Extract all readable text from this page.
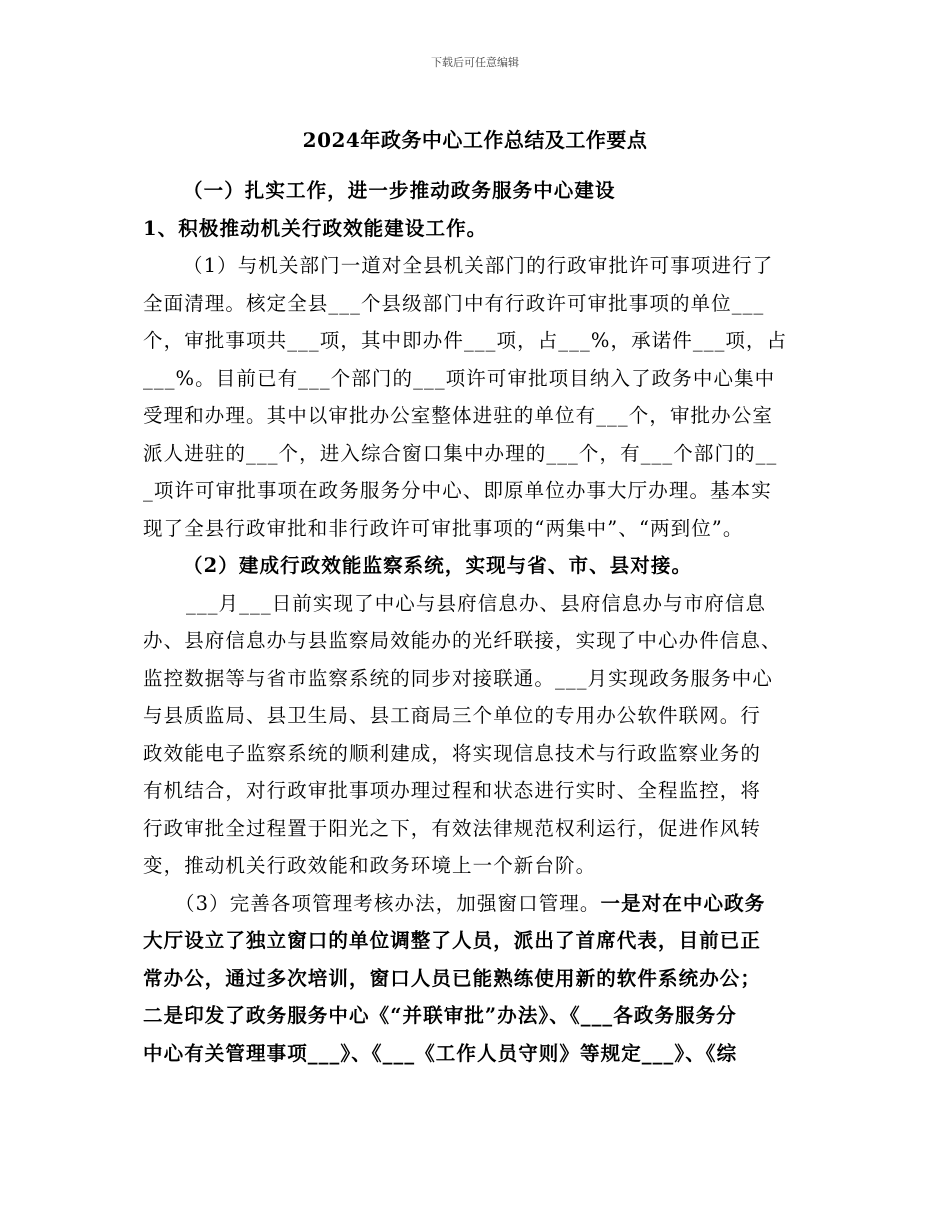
下载后可任意编辑
2024年政务中心工作总结及工作要点
（一）扎实工作，进一步推动政务服务中心建设
1、积极推动机关行政效能建设工作。
（1）与机关部门一道对全县机关部门的行政审批许可事项进行了
全面清理。核定全县___个县级部门中有行政许可审批事项的单位___
个，审批事项共___项，其中即办件___项，占___%，承诺件___项，占
___%。目前已有___个部门的___项许可审批项目纳入了政务中心集中
受理和办理。其中以审批办公室整体进驻的单位有___个，审批办公室
派人进驻的___个，进入综合窗口集中办理的___个，有___个部门的__
_项许可审批事项在政务服务分中心、即原单位办事大厅办理。基本实
现了全县行政审批和非行政许可审批事项的“两集中”、“两到位”。
（2）建成行政效能监察系统，实现与省、市、县对接。
___月___日前实现了中心与县府信息办、县府信息办与市府信息
办、县府信息办与县监察局效能办的光纤联接，实现了中心办件信息、
监控数据等与省市监察系统的同步对接联通。___月实现政务服务中心
与县质监局、县卫生局、县工商局三个单位的专用办公软件联网。行
政效能电子监察系统的顺利建成，将实现信息技术与行政监察业务的
有机结合，对行政审批事项办理过程和状态进行实时、全程监控，将
行政审批全过程置于阳光之下，有效法律规范权利运行，促进作风转
变，推动机关行政效能和政务环境上一个新台阶。
（3）完善各项管理考核办法，加强窗口管理。一是对在中心政务
大厅设立了独立窗口的单位调整了人员，派出了首席代表，目前已正
常办公，通过多次培训，窗口人员已能熟练使用新的软件系统办公；
二是印发了政务服务中心《“并联审批”办法》、《___各政务服务分
中心有关管理事项___》、《___《工作人员守则》等规定___》、《综
